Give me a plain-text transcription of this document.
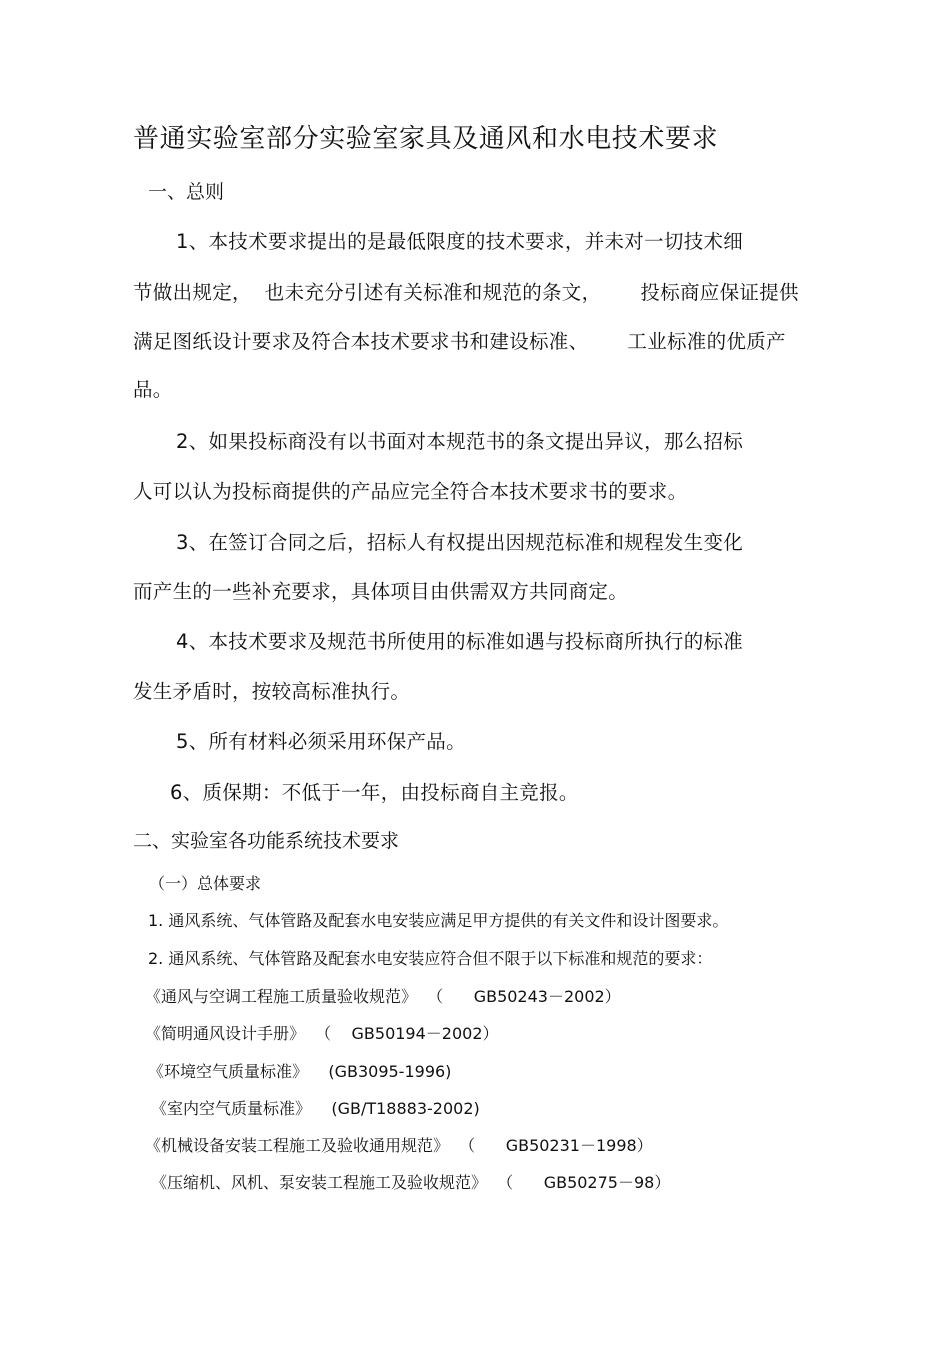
普通实验室部分实验室家具及通风和水电技术要求
一、总则
1、本技术要求提出的是最低限度的技术要求，并未对一切技术细
节做出规定，  也未充分引述有关标准和规范的条文，      投标商应保证提供
满足图纸设计要求及符合本技术要求书和建设标准、      工业标准的优质产
品。
2、如果投标商没有以书面对本规范书的条文提出异议，那么招标
人可以认为投标商提供的产品应完全符合本技术要求书的要求。
3、在签订合同之后，招标人有权提出因规范标准和规程发生变化
而产生的一些补充要求，具体项目由供需双方共同商定。
4、本技术要求及规范书所使用的标准如遇与投标商所执行的标准
发生矛盾时，按较高标准执行。
5、所有材料必须采用环保产品。
6、质保期：不低于一年，由投标商自主竞报。
二、实验室各功能系统技术要求
（一）总体要求
1. 通风系统、气体管路及配套水电安装应满足甲方提供的有关文件和设计图要求。
2. 通风系统、气体管路及配套水电安装应符合但不限于以下标准和规范的要求：
《通风与空调工程施工质量验收规范》  （      GB50243－2002）
《简明通风设计手册》  （    GB50194－2002）
《环境空气质量标准》    (GB3095-1996)
《室内空气质量标准》    (GB/T18883-2002)
《机械设备安装工程施工及验收通用规范》  （      GB50231－1998）
《压缩机、风机、泵安装工程施工及验收规范》  （      GB50275－98）
